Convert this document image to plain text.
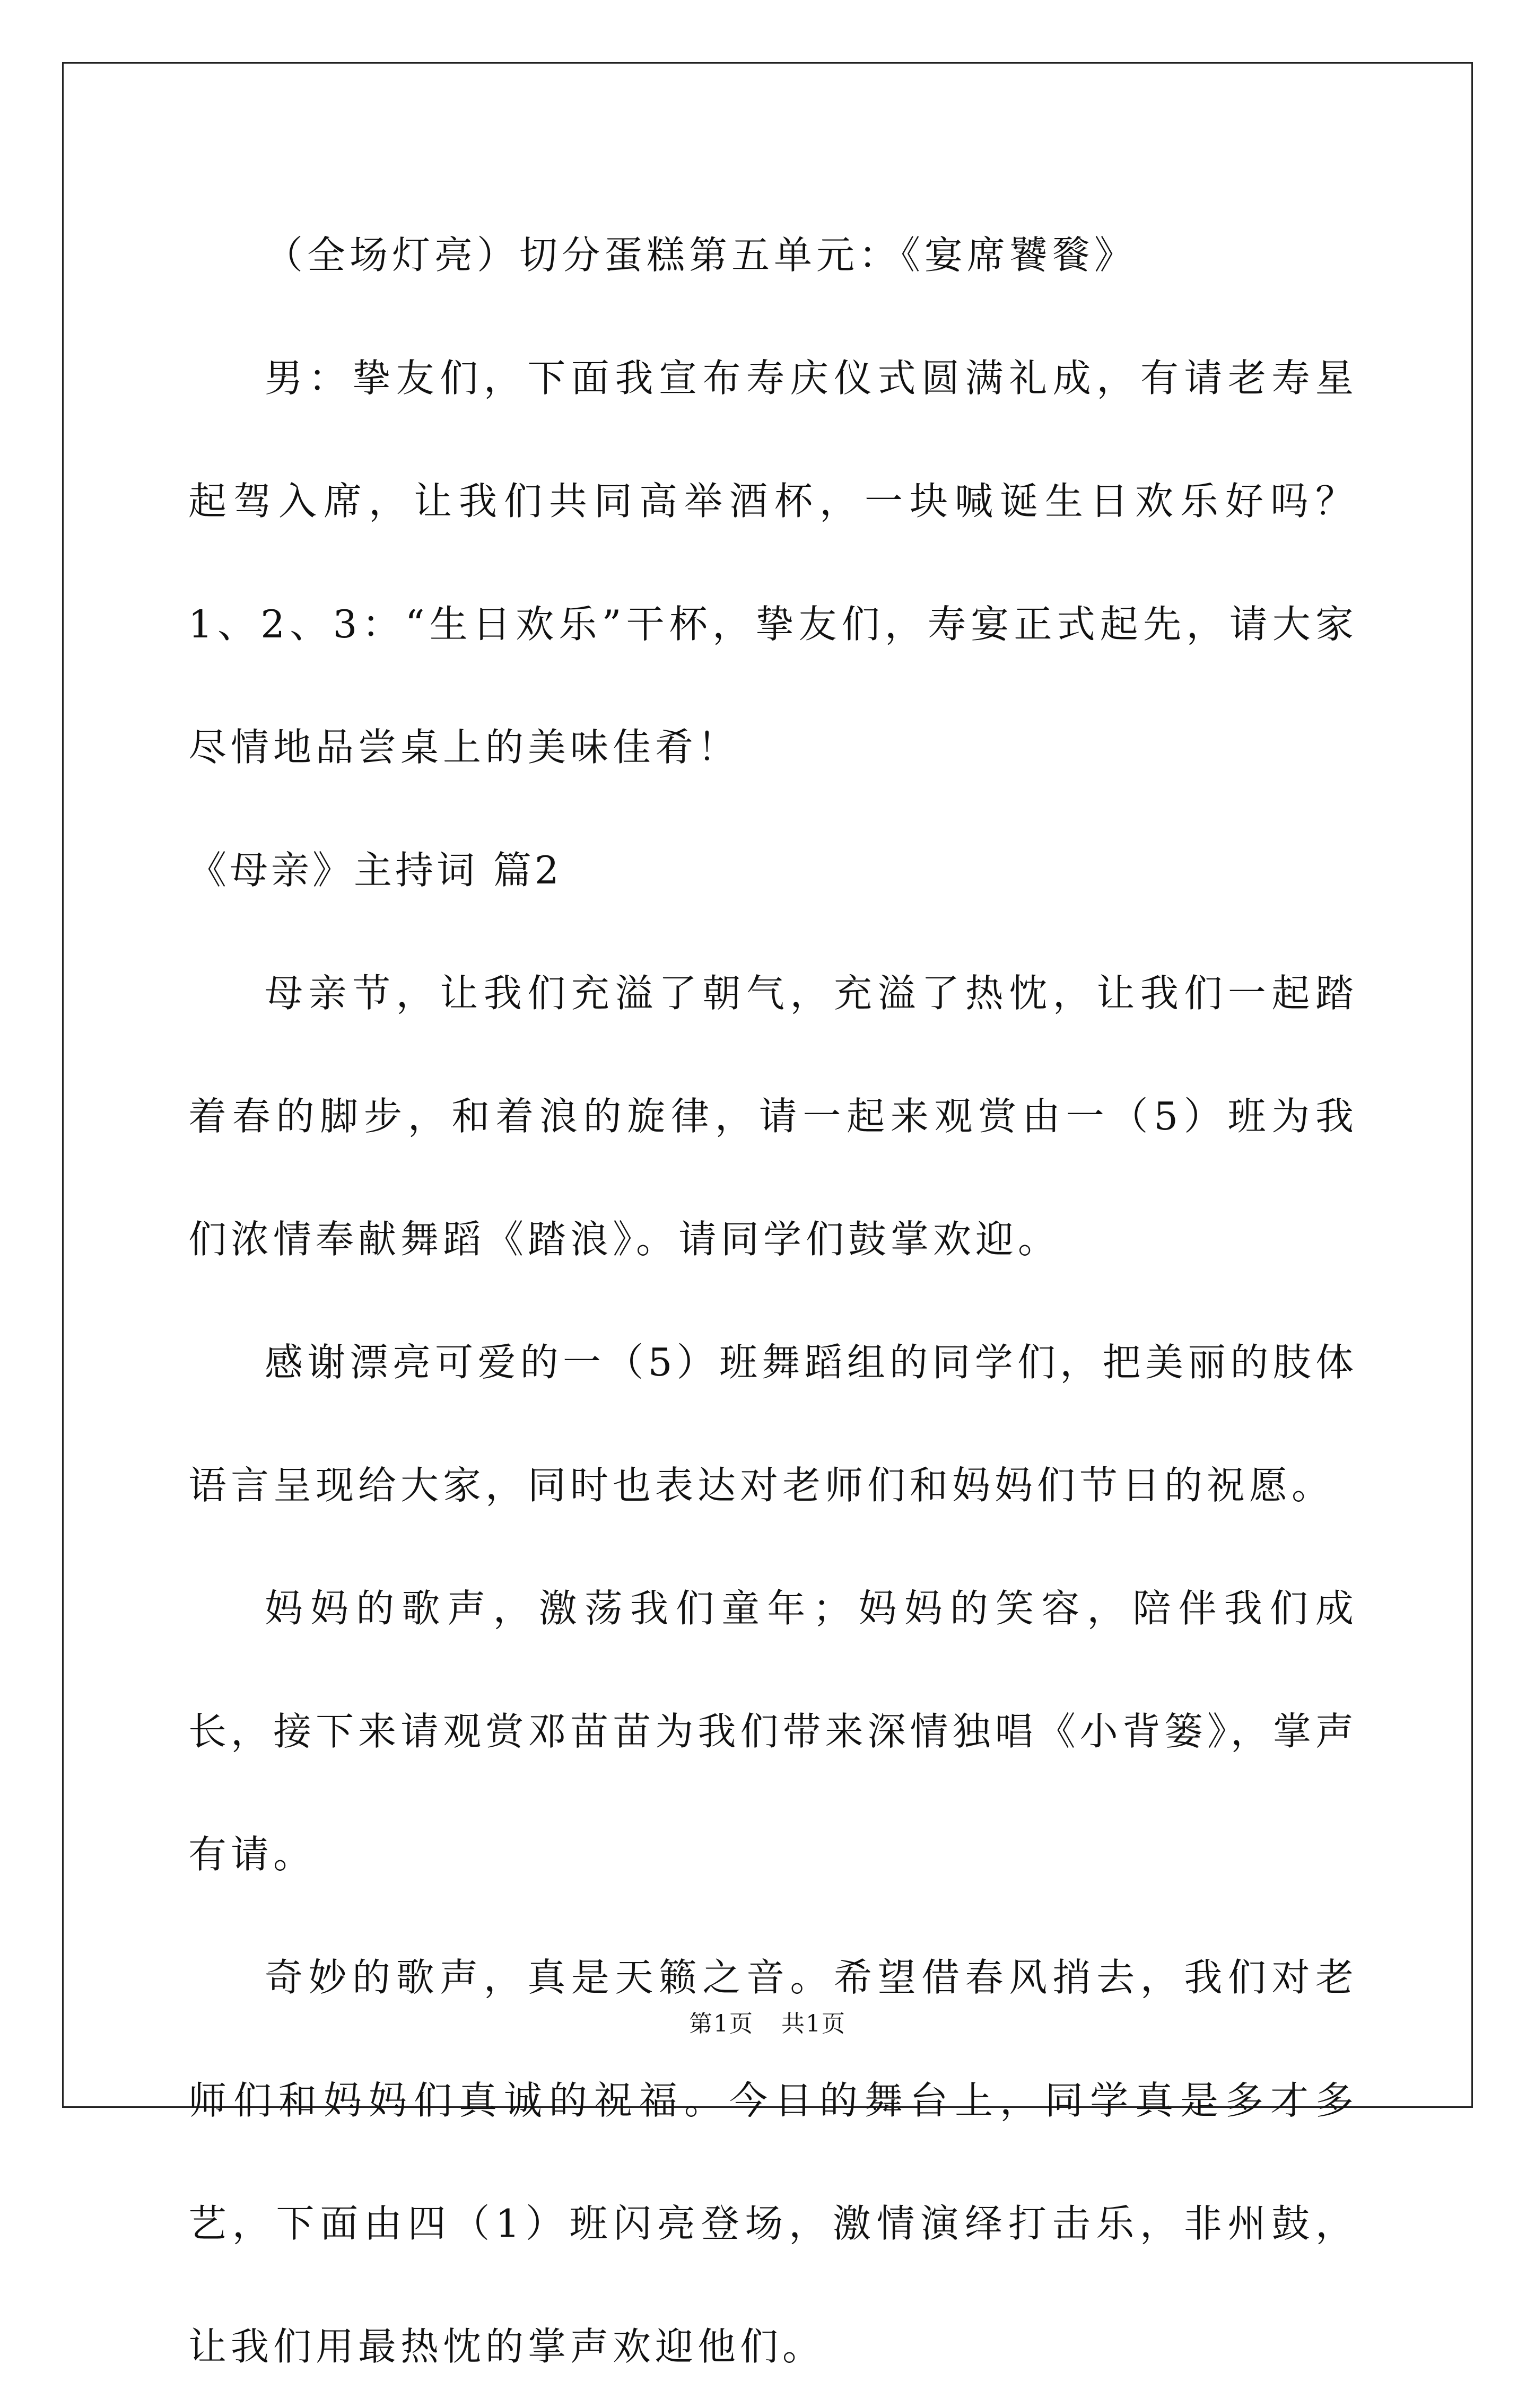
（全场灯亮）切分蛋糕第五单元：《宴席饕餮》

男：挚友们，下面我宣布寿庆仪式圆满礼成，有请老寿星起驾入席，让我们共同高举酒杯，一块喊诞生日欢乐好吗？1、2、3：“生日欢乐”干杯，挚友们，寿宴正式起先，请大家尽情地品尝桌上的美味佳肴！

《母亲》主持词 篇2

母亲节，让我们充溢了朝气，充溢了热忱，让我们一起踏着春的脚步，和着浪的旋律，请一起来观赏由一（5）班为我们浓情奉献舞蹈《踏浪》。请同学们鼓掌欢迎。

感谢漂亮可爱的一（5）班舞蹈组的同学们，把美丽的肢体语言呈现给大家，同时也表达对老师们和妈妈们节日的祝愿。

妈妈的歌声，激荡我们童年；妈妈的笑容，陪伴我们成长，接下来请观赏邓苗苗为我们带来深情独唱《小背篓》，掌声有请。

奇妙的歌声，真是天籁之音。希望借春风捎去，我们对老师们和妈妈们真诚的祝福。今日的舞台上，同学真是多才多艺，下面由四（1）班闪亮登场，激情演绎打击乐，非州鼓，让我们用最热忱的掌声欢迎他们。

第1页 共1页
